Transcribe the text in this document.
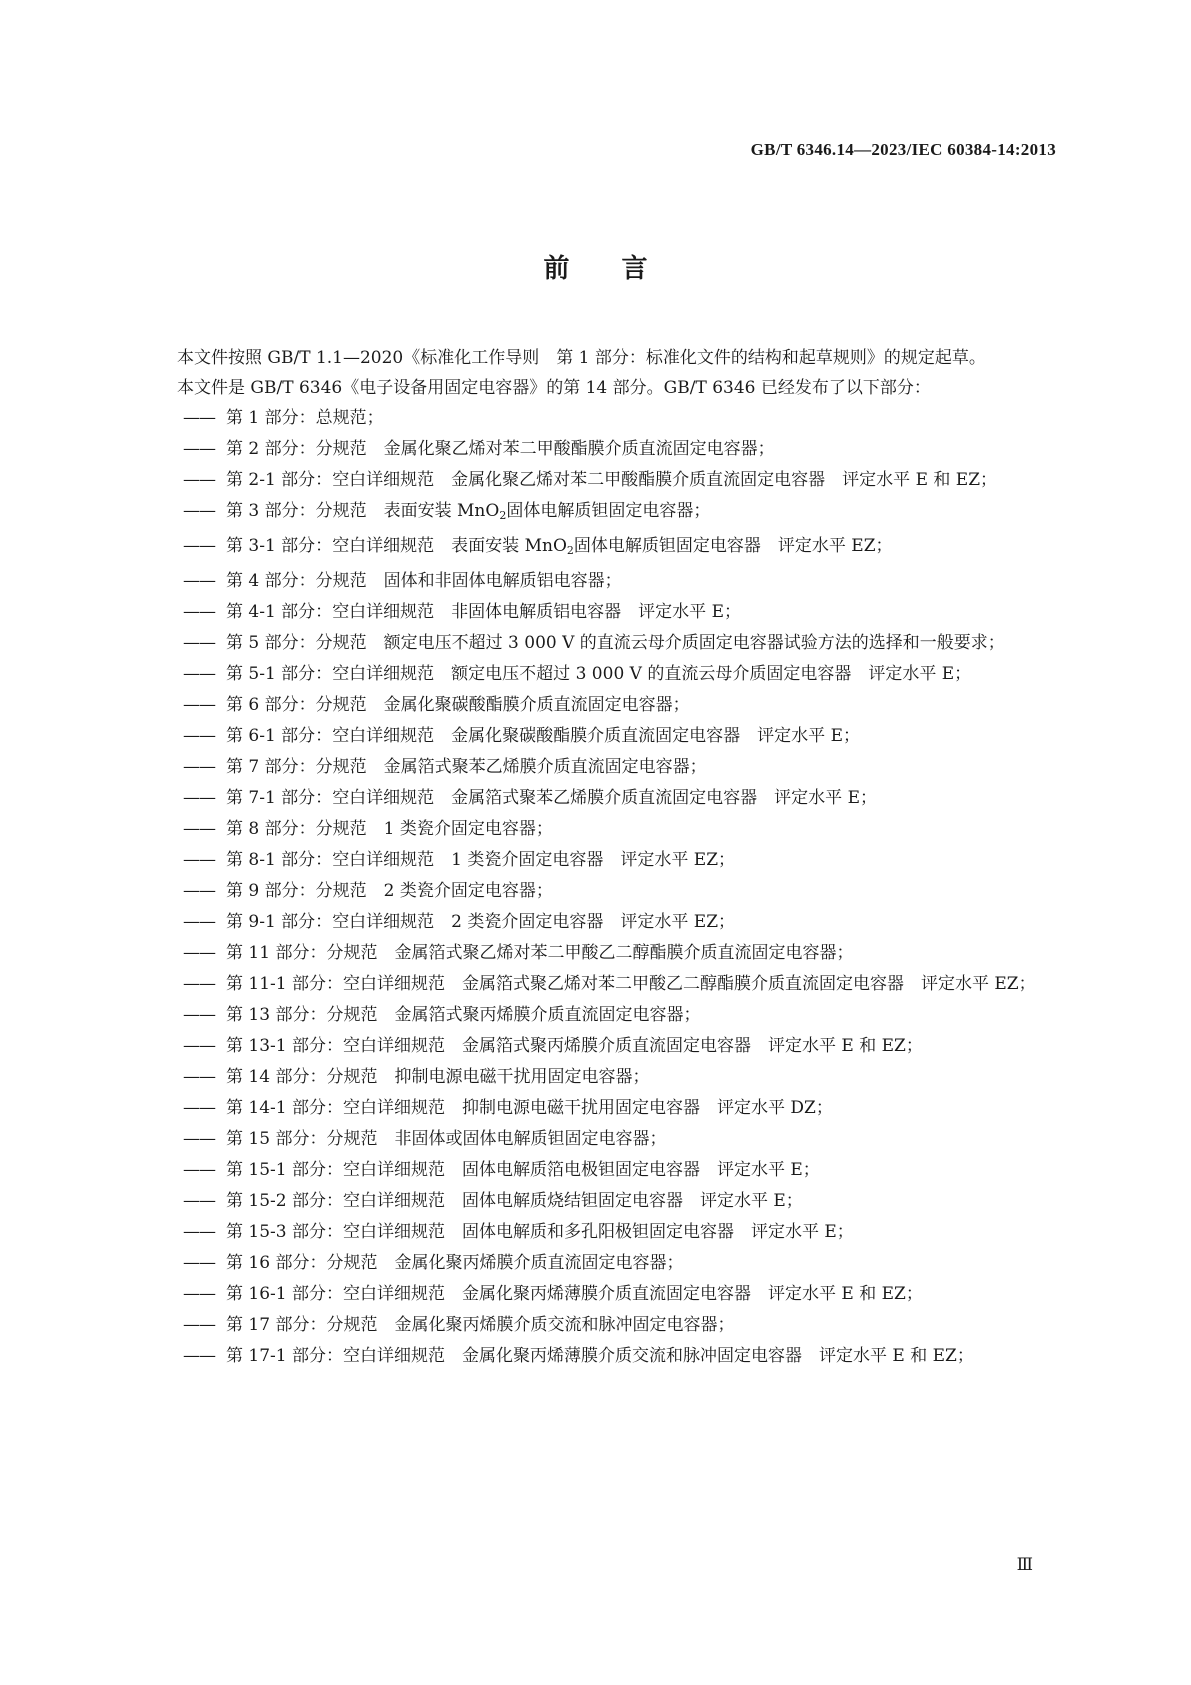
GB/T 6346.14—2023/IEC 60384-14:2013
前言

本文件按照 GB/T 1.1—2020《标准化工作导则　第 1 部分：标准化文件的结构和起草规则》的规定起草。

本文件是 GB/T 6346《电子设备用固定电容器》的第 14 部分。GB/T 6346 已经发布了以下部分：

—— 第 1 部分：总规范；
—— 第 2 部分：分规范　金属化聚乙烯对苯二甲酸酯膜介质直流固定电容器；
—— 第 2-1 部分：空白详细规范　金属化聚乙烯对苯二甲酸酯膜介质直流固定电容器　评定水平 E 和 EZ；
—— 第 3 部分：分规范　表面安装 MnO$_2$固体电解质钽固定电容器；
—— 第 3-1 部分：空白详细规范　表面安装 MnO$_2$固体电解质钽固定电容器　评定水平 EZ；
—— 第 4 部分：分规范　固体和非固体电解质铝电容器；
—— 第 4-1 部分：空白详细规范　非固体电解质铝电容器　评定水平 E；
—— 第 5 部分：分规范　额定电压不超过 3 000 V 的直流云母介质固定电容器试验方法的选择和一般要求；
—— 第 5-1 部分：空白详细规范　额定电压不超过 3 000 V 的直流云母介质固定电容器　评定水平 E；
—— 第 6 部分：分规范　金属化聚碳酸酯膜介质直流固定电容器；
—— 第 6-1 部分：空白详细规范　金属化聚碳酸酯膜介质直流固定电容器　评定水平 E；
—— 第 7 部分：分规范　金属箔式聚苯乙烯膜介质直流固定电容器；
—— 第 7-1 部分：空白详细规范　金属箔式聚苯乙烯膜介质直流固定电容器　评定水平 E；
—— 第 8 部分：分规范　1 类瓷介固定电容器；
—— 第 8-1 部分：空白详细规范　1 类瓷介固定电容器　评定水平 EZ；
—— 第 9 部分：分规范　2 类瓷介固定电容器；
—— 第 9-1 部分：空白详细规范　2 类瓷介固定电容器　评定水平 EZ；
—— 第 11 部分：分规范　金属箔式聚乙烯对苯二甲酸乙二醇酯膜介质直流固定电容器；
—— 第 11-1 部分：空白详细规范　金属箔式聚乙烯对苯二甲酸乙二醇酯膜介质直流固定电容器　评定水平 EZ；
—— 第 13 部分：分规范　金属箔式聚丙烯膜介质直流固定电容器；
—— 第 13-1 部分：空白详细规范　金属箔式聚丙烯膜介质直流固定电容器　评定水平 E 和 EZ；
—— 第 14 部分：分规范　抑制电源电磁干扰用固定电容器；
—— 第 14-1 部分：空白详细规范　抑制电源电磁干扰用固定电容器　评定水平 DZ；
—— 第 15 部分：分规范　非固体或固体电解质钽固定电容器；
—— 第 15-1 部分：空白详细规范　固体电解质箔电极钽固定电容器　评定水平 E；
—— 第 15-2 部分：空白详细规范　固体电解质烧结钽固定电容器　评定水平 E；
—— 第 15-3 部分：空白详细规范　固体电解质和多孔阳极钽固定电容器　评定水平 E；
—— 第 16 部分：分规范　金属化聚丙烯膜介质直流固定电容器；
—— 第 16-1 部分：空白详细规范　金属化聚丙烯薄膜介质直流固定电容器　评定水平 E 和 EZ；
—— 第 17 部分：分规范　金属化聚丙烯膜介质交流和脉冲固定电容器；
—— 第 17-1 部分：空白详细规范　金属化聚丙烯薄膜介质交流和脉冲固定电容器　评定水平 E 和 EZ；
Ⅲ
